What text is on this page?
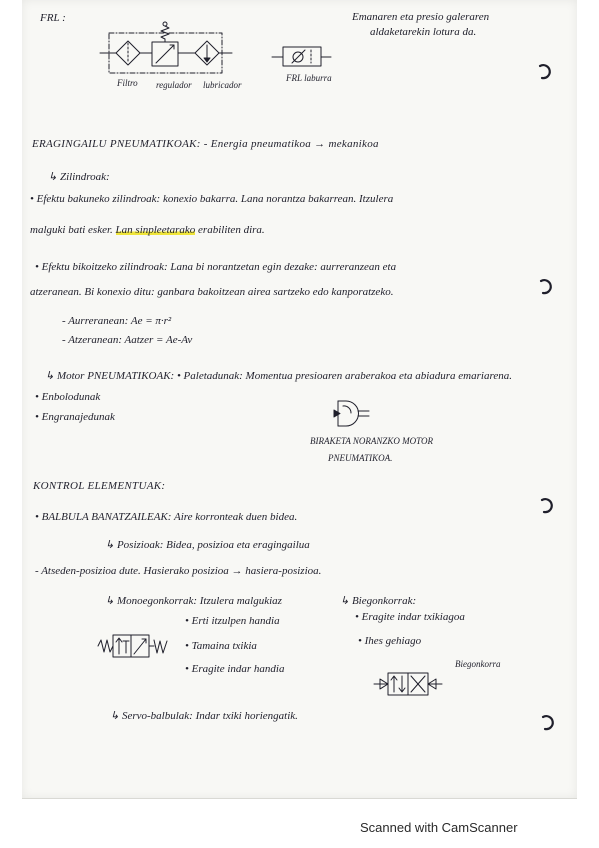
FRL :	Emanaren eta presio galeraren
aldaketarekin lotura da.
Filtro regulador lubricador
FRL laburra
ERAGINGAILU PNEUMATIKOAK: - Energia pneumatikoa → mekanikoa
↳ Zilindroak:
• Efektu bakuneko zilindroak: konexio bakarra. Lana norantza bakarrean. Itzulera
malguki bati esker. Lan sinpleetarako erabiliten dira.
• Efektu bikoitzeko zilindroak: Lana bi norantzetan egin dezake: aurreranzean eta
atzeranean. Bi konexio ditu: ganbara bakoitzean airea sartzeko edo kanporatzeko.
- Aurreranean: Ae = π·r²
- Atzeranean: Aatzer = Ae-Av
↳ Motor PNEUMATIKOAK: • Paletadunak: Momentua presioaren araberakoa eta abiadura emariarena.
• Enbolodunak
• Engranajedunak
BIRAKETA NORANZKO MOTOR
PNEUMATIKOA.
KONTROL ELEMENTUAK:
• BALBULA BANATZAILEAK: Aire korronteak duen bidea.
↳ Posizioak: Bidea, posizioa eta eragingailua
- Atseden-posizioa dute. Hasierako posizioa → hasiera-posizioa.
↳ Monoegonkorrak: Itzulera malgukiaz
• Erti itzulpen handia
• Tamaina txikia
• Eragite indar handia
↳ Biegonkorrak:
• Eragite indar txikiagoa
• Ihes gehiago
Biegonkorra
↳ Servo-balbulak: Indar txiki horiengatik.
Scanned with CamScanner
